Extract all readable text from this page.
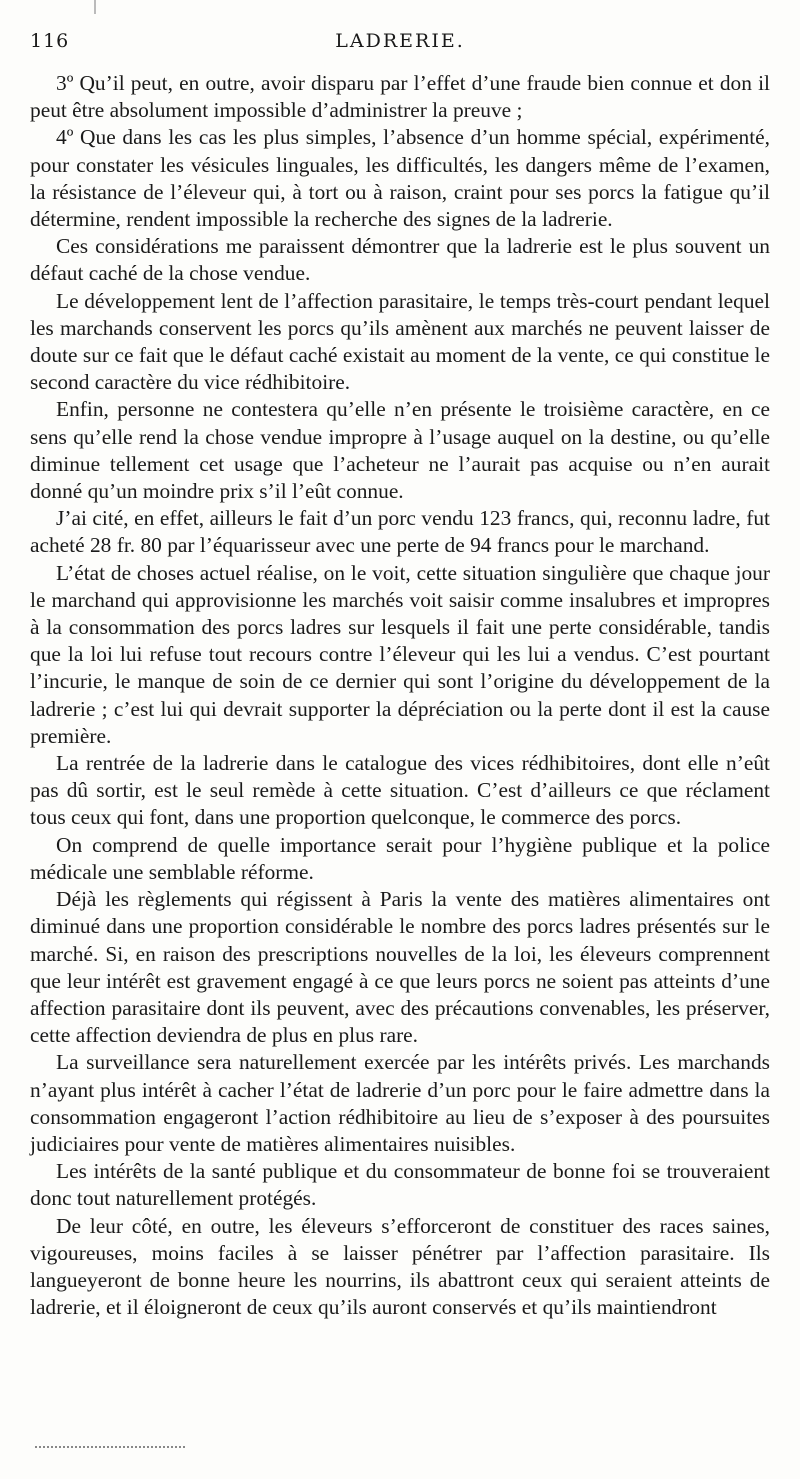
116	LADRERIE.

3º Qu’il peut, en outre, avoir disparu par l’effet d’une fraude bien connue et don il peut être absolument impossible d’administrer la preuve ;

4º Que dans les cas les plus simples, l’absence d’un homme spécial, expérimenté, pour constater les vésicules linguales, les difficultés, les dangers même de l’examen, la résistance de l’éleveur qui, à tort ou à raison, craint pour ses porcs la fatigue qu’il détermine, rendent impossible la recherche des signes de la ladrerie.

Ces considérations me paraissent démontrer que la ladrerie est le plus souvent un défaut caché de la chose vendue.

Le développement lent de l’affection parasitaire, le temps très-court pendant lequel les marchands conservent les porcs qu’ils amènent aux marchés ne peuvent laisser de doute sur ce fait que le défaut caché existait au moment de la vente, ce qui constitue le second caractère du vice rédhibitoire.

Enfin, personne ne contestera qu’elle n’en présente le troisième caractère, en ce sens qu’elle rend la chose vendue impropre à l’usage auquel on la destine, ou qu’elle diminue tellement cet usage que l’acheteur ne l’aurait pas acquise ou n’en aurait donné qu’un moindre prix s’il l’eût connue.

J’ai cité, en effet, ailleurs le fait d’un porc vendu 123 francs, qui, reconnu ladre, fut acheté 28 fr. 80 par l’équarisseur avec une perte de 94 francs pour le marchand.

L’état de choses actuel réalise, on le voit, cette situation singulière que chaque jour le marchand qui approvisionne les marchés voit saisir comme insalubres et impropres à la consommation des porcs ladres sur lesquels il fait une perte considérable, tandis que la loi lui refuse tout recours contre l’éleveur qui les lui a vendus. C’est pourtant l’incurie, le manque de soin de ce dernier qui sont l’origine du développement de la ladrerie ; c’est lui qui devrait supporter la dépréciation ou la perte dont il est la cause première.

La rentrée de la ladrerie dans le catalogue des vices rédhibitoires, dont elle n’eût pas dû sortir, est le seul remède à cette situation. C’est d’ailleurs ce que réclament tous ceux qui font, dans une proportion quelconque, le commerce des porcs.

On comprend de quelle importance serait pour l’hygiène publique et la police médicale une semblable réforme.

Déjà les règlements qui régissent à Paris la vente des matières alimentaires ont diminué dans une proportion considérable le nombre des porcs ladres présentés sur le marché. Si, en raison des prescriptions nouvelles de la loi, les éleveurs comprennent que leur intérêt est gravement engagé à ce que leurs porcs ne soient pas atteints d’une affection parasitaire dont ils peuvent, avec des précautions convenables, les préserver, cette affection deviendra de plus en plus rare.

La surveillance sera naturellement exercée par les intérêts privés. Les marchands n’ayant plus intérêt à cacher l’état de ladrerie d’un porc pour le faire admettre dans la consommation engageront l’action rédhibitoire au lieu de s’exposer à des poursuites judiciaires pour vente de matières alimentaires nuisibles.

Les intérêts de la santé publique et du consommateur de bonne foi se trouveraient donc tout naturellement protégés.

De leur côté, en outre, les éleveurs s’efforceront de constituer des races saines, vigoureuses, moins faciles à se laisser pénétrer par l’affection parasitaire. Ils langueyeront de bonne heure les nourrins, ils abattront ceux qui seraient atteints de ladrerie, et il éloigneront de ceux qu’ils auront conservés et qu’ils maintiendront
